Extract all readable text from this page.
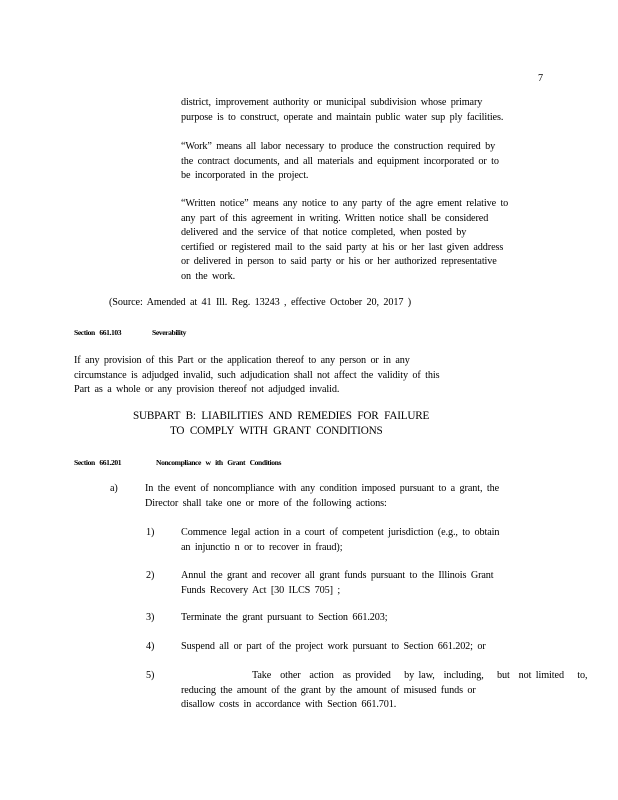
7
district, improvement authority or municipal subdivision whose primary
purpose is to construct, operate and maintain public water sup ply facilities.
“Work” means all labor necessary to produce the construction required by
the contract documents, and all materials and equipment incorporated or to
be incorporated in the project.
“Written notice” means any notice to any party of the agre ement relative to
any part of this agreement in writing. Written notice shall be considered
delivered and the service of that notice completed, when posted by
certified or registered mail to the said party at his or her last given address
or delivered in person to said party or his or her authorized representative
on the work.
(Source: Amended at 41 Ill. Reg. 13243 , effective October 20, 2017 )
Section 661.103	Severability
If any provision of this Part or the application thereof to any person or in any
circumstance is adjudged invalid, such adjudication shall not affect the validity of this
Part as a whole or any provision thereof not adjudged invalid.
SUBPART B: LIABILITIES AND REMEDIES FOR FAILURE
TO COMPLY WITH GRANT CONDITIONS
Section 661.201	Noncompliance w ith Grant Conditions
a)	In the event of noncompliance with any condition imposed pursuant to a grant, the
Director shall take one or more of the following actions:
1)	Commence legal action in a court of competent jurisdiction (e.g., to obtain
an injunctio n or to recover in fraud);
2)	Annul the grant and recover all grant funds pursuant to the Illinois Grant
Funds Recovery Act [30 ILCS 705] ;
3)	Terminate the grant pursuant to Section 661.203;
4)	Suspend all or part of the project work pursuant to Section 661.202; or
5)	Take  other  action  as provided   by law,  including,   but  not limited   to,
reducing the amount of the grant by the amount of misused funds or
disallow costs in accordance with Section 661.701.
